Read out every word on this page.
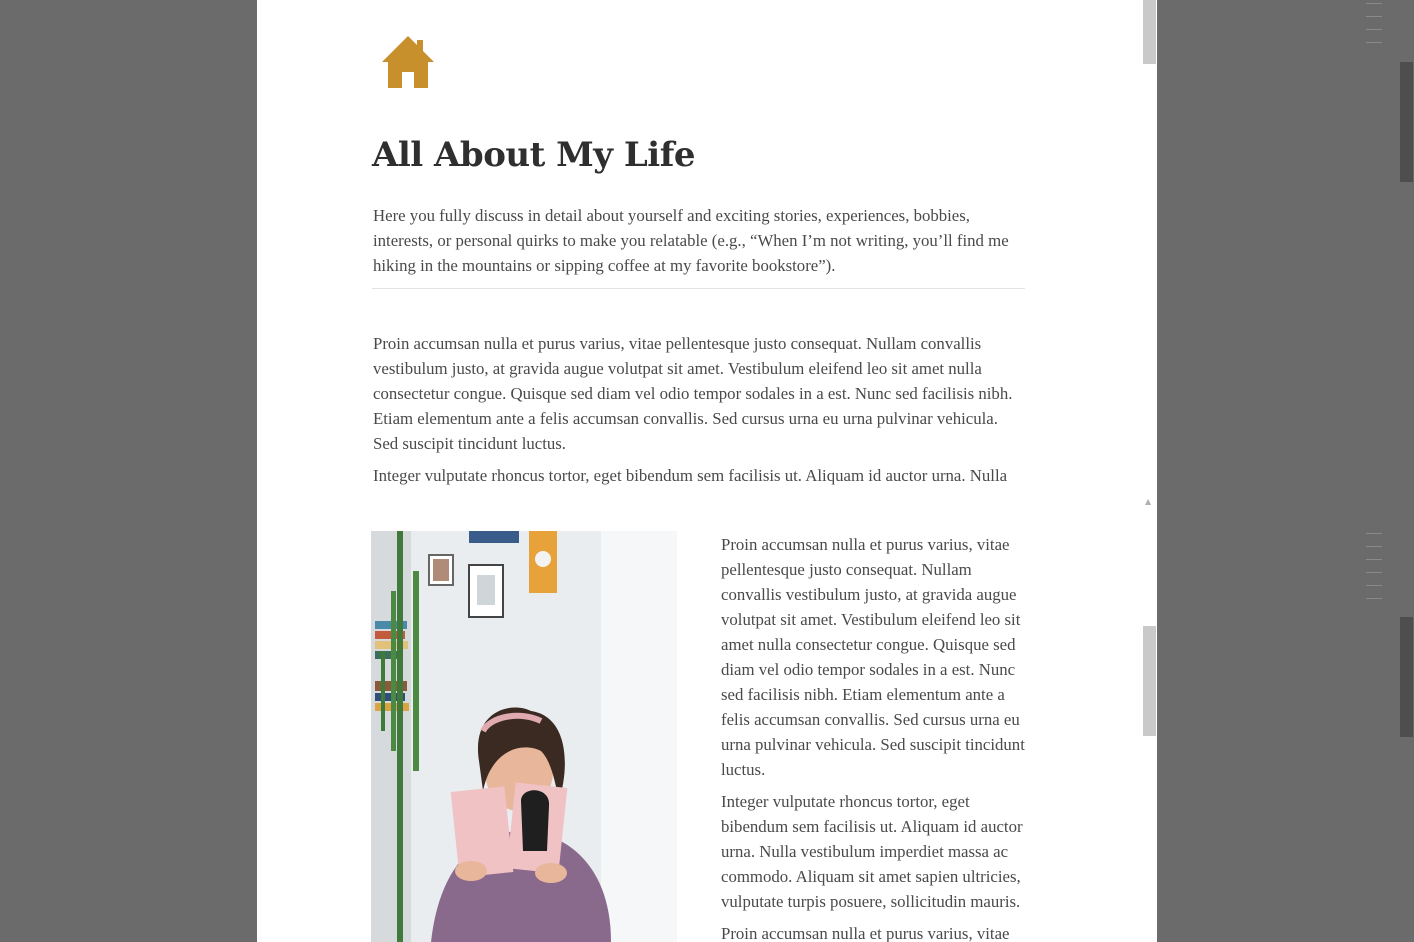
All About My Life

Here you fully discuss in detail about yourself and exciting stories, experiences, bobbies, interests, or personal quirks to make you relatable (e.g., “When I’m not writing, you’ll find me hiking in the mountains or sipping coffee at my favorite bookstore”).

Proin accumsan nulla et purus varius, vitae pellentesque justo consequat. Nullam convallis vestibulum justo, at gravida augue volutpat sit amet. Vestibulum eleifend leo sit amet nulla consectetur congue. Quisque sed diam vel odio tempor sodales in a est. Nunc sed facilisis nibh. Etiam elementum ante a felis accumsan convallis. Sed cursus urna eu urna pulvinar vehicula. Sed suscipit tincidunt luctus.

Integer vulputate rhoncus tortor, eget bibendum sem facilisis ut. Aliquam id auctor urna. Nulla

Proin accumsan nulla et purus varius, vitae pellentesque justo consequat. Nullam convallis vestibulum justo, at gravida augue volutpat sit amet. Vestibulum eleifend leo sit amet nulla consectetur congue. Quisque sed diam vel odio tempor sodales in a est. Nunc sed facilisis nibh. Etiam elementum ante a felis accumsan convallis. Sed cursus urna eu urna pulvinar vehicula. Sed suscipit tincidunt luctus.

Integer vulputate rhoncus tortor, eget bibendum sem facilisis ut. Aliquam id auctor urna. Nulla vestibulum imperdiet massa ac commodo. Aliquam sit amet sapien ultricies, vulputate turpis posuere, sollicitudin mauris.

Proin accumsan nulla et purus varius, vitae

▲
